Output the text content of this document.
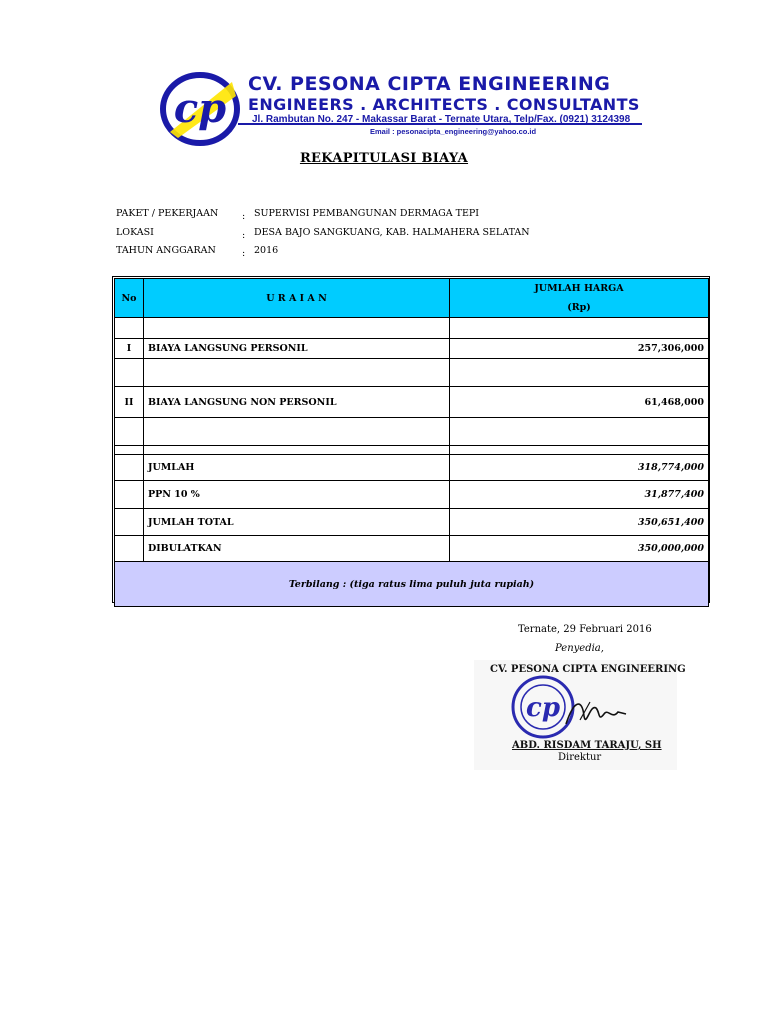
cp
CV. PESONA CIPTA ENGINEERING
ENGINEERS . ARCHITECTS . CONSULTANTS
Jl. Rambutan No. 247 - Makassar Barat - Ternate Utara, Telp/Fax. (0921) 3124398
Email : pesonacipta_engineering@yahoo.co.id
REKAPITULASI BIAYA
PAKET / PEKERJAAN : SUPERVISI PEMBANGUNAN DERMAGA TEPI
LOKASI	: DESA BAJO SANGKUANG, KAB. HALMAHERA SELATAN
TAHUN ANGGARAN	: 2016
No	U R A I A N	JUMLAH HARGA
(Rp)

I	BIAYA LANGSUNG PERSONIL	257,306,000

II	BIAYA LANGSUNG NON PERSONIL	61,468,000

	JUMLAH	318,774,000
	PPN 10 %	31,877,400
	JUMLAH TOTAL	350,651,400
	DIBULATKAN	350,000,000
Terbilang : (tiga ratus lima puluh juta rupiah)		
Ternate, 29 Februari 2016
Penyedia,
CV. PESONA CIPTA ENGINEERING
cp
ABD. RISDAM TARAJU, SH
Direktur
